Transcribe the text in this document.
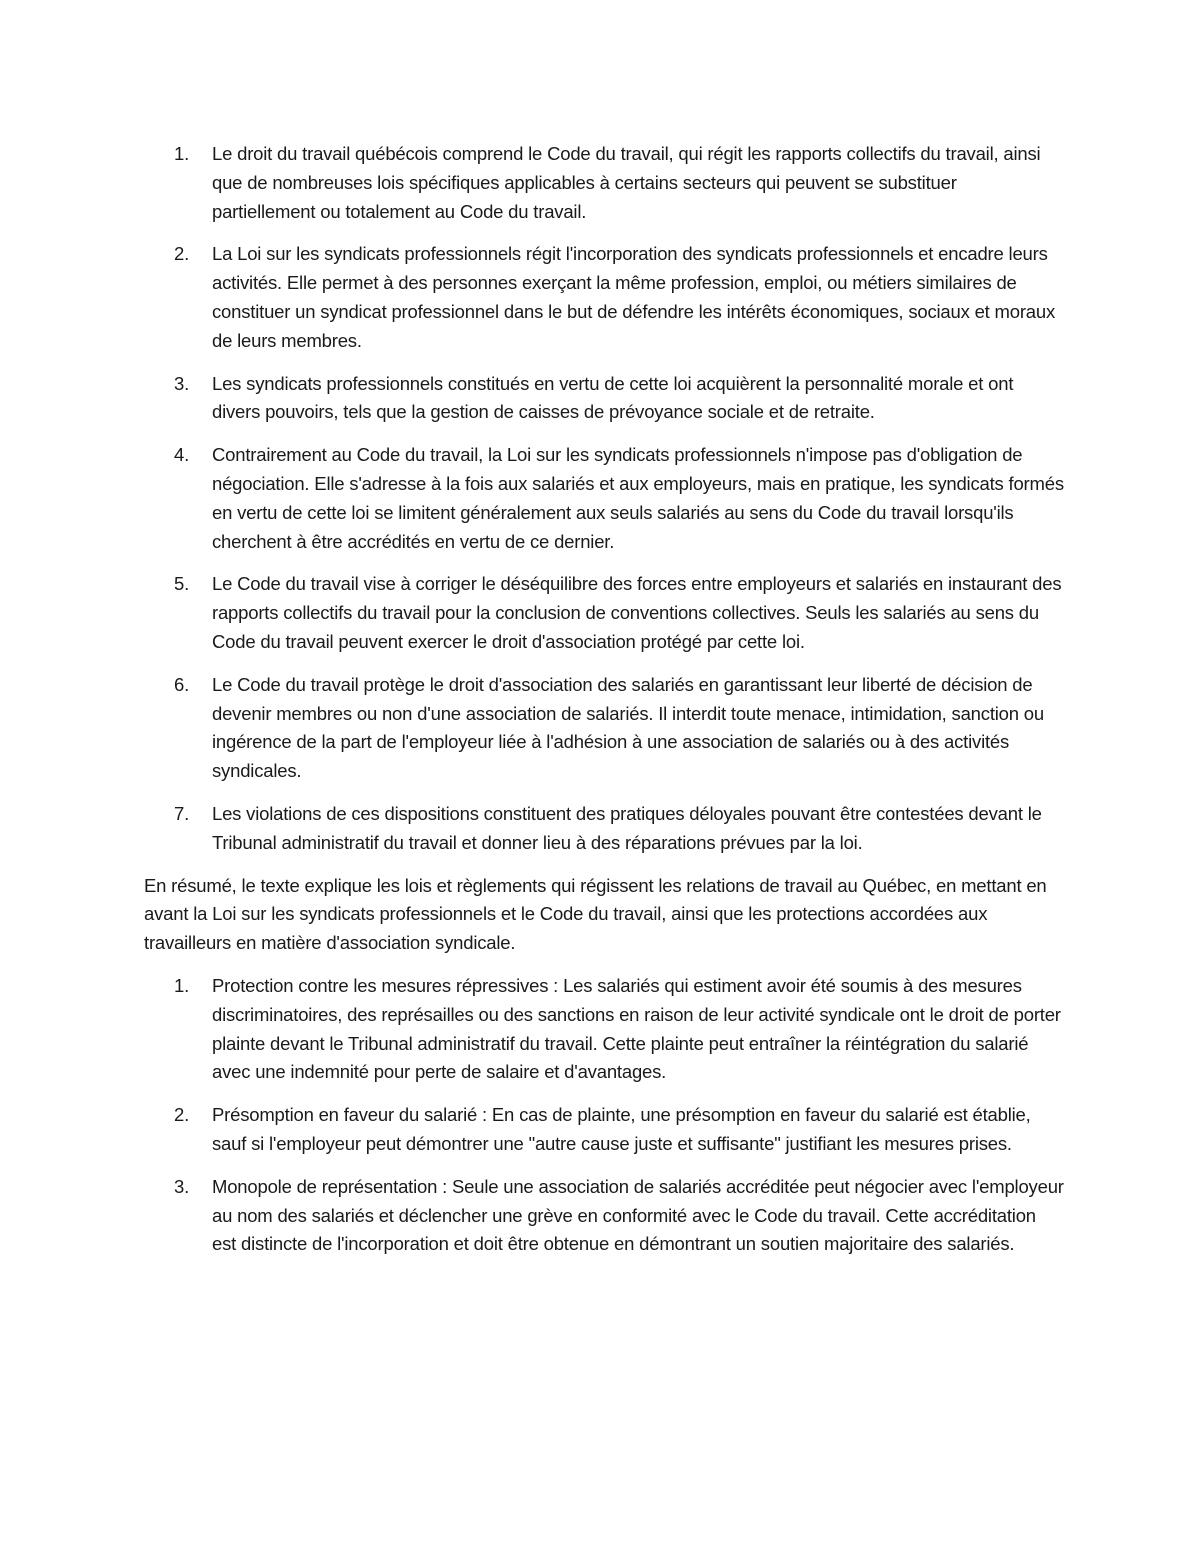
1. Le droit du travail québécois comprend le Code du travail, qui régit les rapports collectifs du travail, ainsi que de nombreuses lois spécifiques applicables à certains secteurs qui peuvent se substituer partiellement ou totalement au Code du travail.
2. La Loi sur les syndicats professionnels régit l'incorporation des syndicats professionnels et encadre leurs activités. Elle permet à des personnes exerçant la même profession, emploi, ou métiers similaires de constituer un syndicat professionnel dans le but de défendre les intérêts économiques, sociaux et moraux de leurs membres.
3. Les syndicats professionnels constitués en vertu de cette loi acquièrent la personnalité morale et ont divers pouvoirs, tels que la gestion de caisses de prévoyance sociale et de retraite.
4. Contrairement au Code du travail, la Loi sur les syndicats professionnels n'impose pas d'obligation de négociation. Elle s'adresse à la fois aux salariés et aux employeurs, mais en pratique, les syndicats formés en vertu de cette loi se limitent généralement aux seuls salariés au sens du Code du travail lorsqu'ils cherchent à être accrédités en vertu de ce dernier.
5. Le Code du travail vise à corriger le déséquilibre des forces entre employeurs et salariés en instaurant des rapports collectifs du travail pour la conclusion de conventions collectives. Seuls les salariés au sens du Code du travail peuvent exercer le droit d'association protégé par cette loi.
6. Le Code du travail protège le droit d'association des salariés en garantissant leur liberté de décision de devenir membres ou non d'une association de salariés. Il interdit toute menace, intimidation, sanction ou ingérence de la part de l'employeur liée à l'adhésion à une association de salariés ou à des activités syndicales.
7. Les violations de ces dispositions constituent des pratiques déloyales pouvant être contestées devant le Tribunal administratif du travail et donner lieu à des réparations prévues par la loi.

En résumé, le texte explique les lois et règlements qui régissent les relations de travail au Québec, en mettant en avant la Loi sur les syndicats professionnels et le Code du travail, ainsi que les protections accordées aux travailleurs en matière d'association syndicale.

1. Protection contre les mesures répressives : Les salariés qui estiment avoir été soumis à des mesures discriminatoires, des représailles ou des sanctions en raison de leur activité syndicale ont le droit de porter plainte devant le Tribunal administratif du travail. Cette plainte peut entraîner la réintégration du salarié avec une indemnité pour perte de salaire et d'avantages.
2. Présomption en faveur du salarié : En cas de plainte, une présomption en faveur du salarié est établie, sauf si l'employeur peut démontrer une "autre cause juste et suffisante" justifiant les mesures prises.
3. Monopole de représentation : Seule une association de salariés accréditée peut négocier avec l'employeur au nom des salariés et déclencher une grève en conformité avec le Code du travail. Cette accréditation est distincte de l'incorporation et doit être obtenue en démontrant un soutien majoritaire des salariés.
